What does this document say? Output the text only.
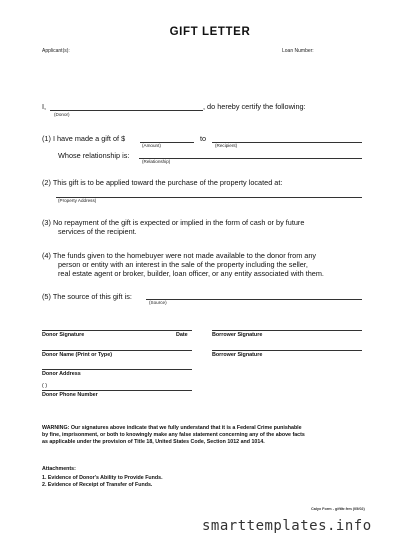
GIFT LETTER
Applicant(s):	Loan Number:
I,	, do hereby certify the following:
(Donor)
(1) I have made a gift of $	to
(Amount)	(Recipient)
Whose relationship is:
(Relationship)
(2) This gift is to be applied toward the purchase of the property located at:
(Property Address)
(3) No repayment of the gift is expected or implied in the form of cash or by future
services of the recipient.
(4) The funds given to the homebuyer were not made available to the donor from any
person or entity with an interest in the sale of the property including the seller,
real estate agent or broker, builder, loan officer, or any entity associated with them.
(5) The source of this gift is:
(Source)
Donor Signature	Date	Borrower Signature
Donor Name (Print or Type)	Borrower Signature
Donor Address
( )
Donor Phone Number
WARNING: Our signatures above indicate that we fully understand that it is a Federal Crime punishable
by fine, imprisonment, or both to knowingly make any false statement concerning any of the above facts
as applicable under the provision of Title 18, United States Code, Section 1012 and 1014.
Attachments:
1. Evidence of Donor's Ability to Provide Funds.
2. Evidence of Receipt of Transfer of Funds.
Calyx Form - giftltr.frm (05/02)
smarttemplates.info
